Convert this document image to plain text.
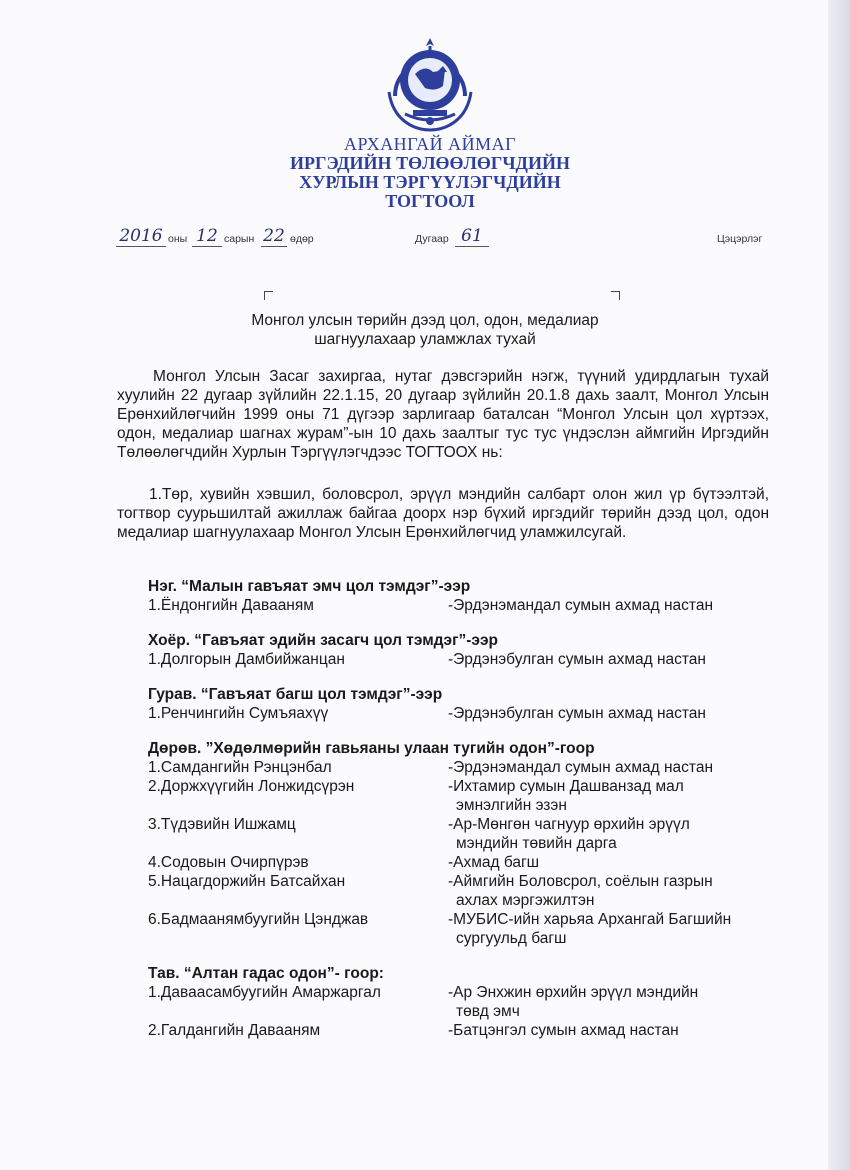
АРХАНГАЙ АЙМАГ
ИРГЭДИЙН ТӨЛӨӨЛӨГЧДИЙН
ХУРЛЫН ТЭРГҮҮЛЭГЧДИЙН
ТОГТООЛ
2016 оны 12 сарын 22 өдөр	Дугаар 61	Цэцэрлэг
Монгол улсын төрийн дээд цол, одон, медалиар
шагнуулахаар уламжлах тухай

Монгол Улсын Засаг захиргаа, нутаг дэвсгэрийн нэгж, түүний удирдлагын тухай хуулийн 22 дугаар зүйлийн 22.1.15, 20 дугаар зүйлийн 20.1.8 дахь заалт, Монгол Улсын Ерөнхийлөгчийн 1999 оны 71 дүгээр зарлигаар баталсан “Монгол Улсын цол хүртээх, одон, медалиар шагнах журам”-ын 10 дахь заалтыг тус тус үндэслэн аймгийн Иргэдийн Төлөөлөгчдийн Хурлын Тэргүүлэгчдээс ТОГТООХ нь:

1.Төр, хувийн хэвшил, боловсрол, эрүүл мэндийн салбарт олон жил үр бүтээлтэй, тогтвор суурьшилтай ажиллаж байгаа доорх нэр бүхий иргэдийг төрийн дээд цол, одон медалиар шагнуулахаар Монгол Улсын Ерөнхийлөгчид уламжилсугай.

Нэг. “Малын гавъяат эмч цол тэмдэг”-ээр
1.Ёндонгийн Давааням	-Эрдэнэмандал сумын ахмад настан
Хоёр. “Гавъяат эдийн засагч цол тэмдэг”-ээр
1.Долгорын Дамбийжанцан	-Эрдэнэбулган сумын ахмад настан
Гурав. “Гавъяат багш цол тэмдэг”-ээр
1.Ренчингийн Сумъяахүү	-Эрдэнэбулган сумын ахмад настан
Дөрөв. ”Хөдөлмөрийн гавьяаны улаан тугийн одон”-гоор
1.Самдангийн Рэнцэнбал	-Эрдэнэмандал сумын ахмад настан
2.Доржхүүгийн Лонжидсүрэн	-Ихтамир сумын Дашванзад мал
эмнэлгийн эзэн
3.Түдэвийн Ишжамц	-Ар-Мөнгөн чагнуур өрхийн эрүүл
мэндийн төвийн дарга
4.Содовын Очирпүрэв	-Ахмад багш
5.Нацагдоржийн Батсайхан	-Аймгийн Боловсрол, соёлын газрын
ахлах мэргэжилтэн
6.Бадмаанямбуугийн Цэнджав	-МУБИС-ийн харьяа Архангай Багшийн
сургуульд багш
Тав. “Алтан гадас одон”- гоор:
1.Даваасамбуугийн Амаржаргал	-Ар Энхжин өрхийн эрүүл мэндийн
төвд эмч
2.Галдангийн Давааням	-Батцэнгэл сумын ахмад настан
